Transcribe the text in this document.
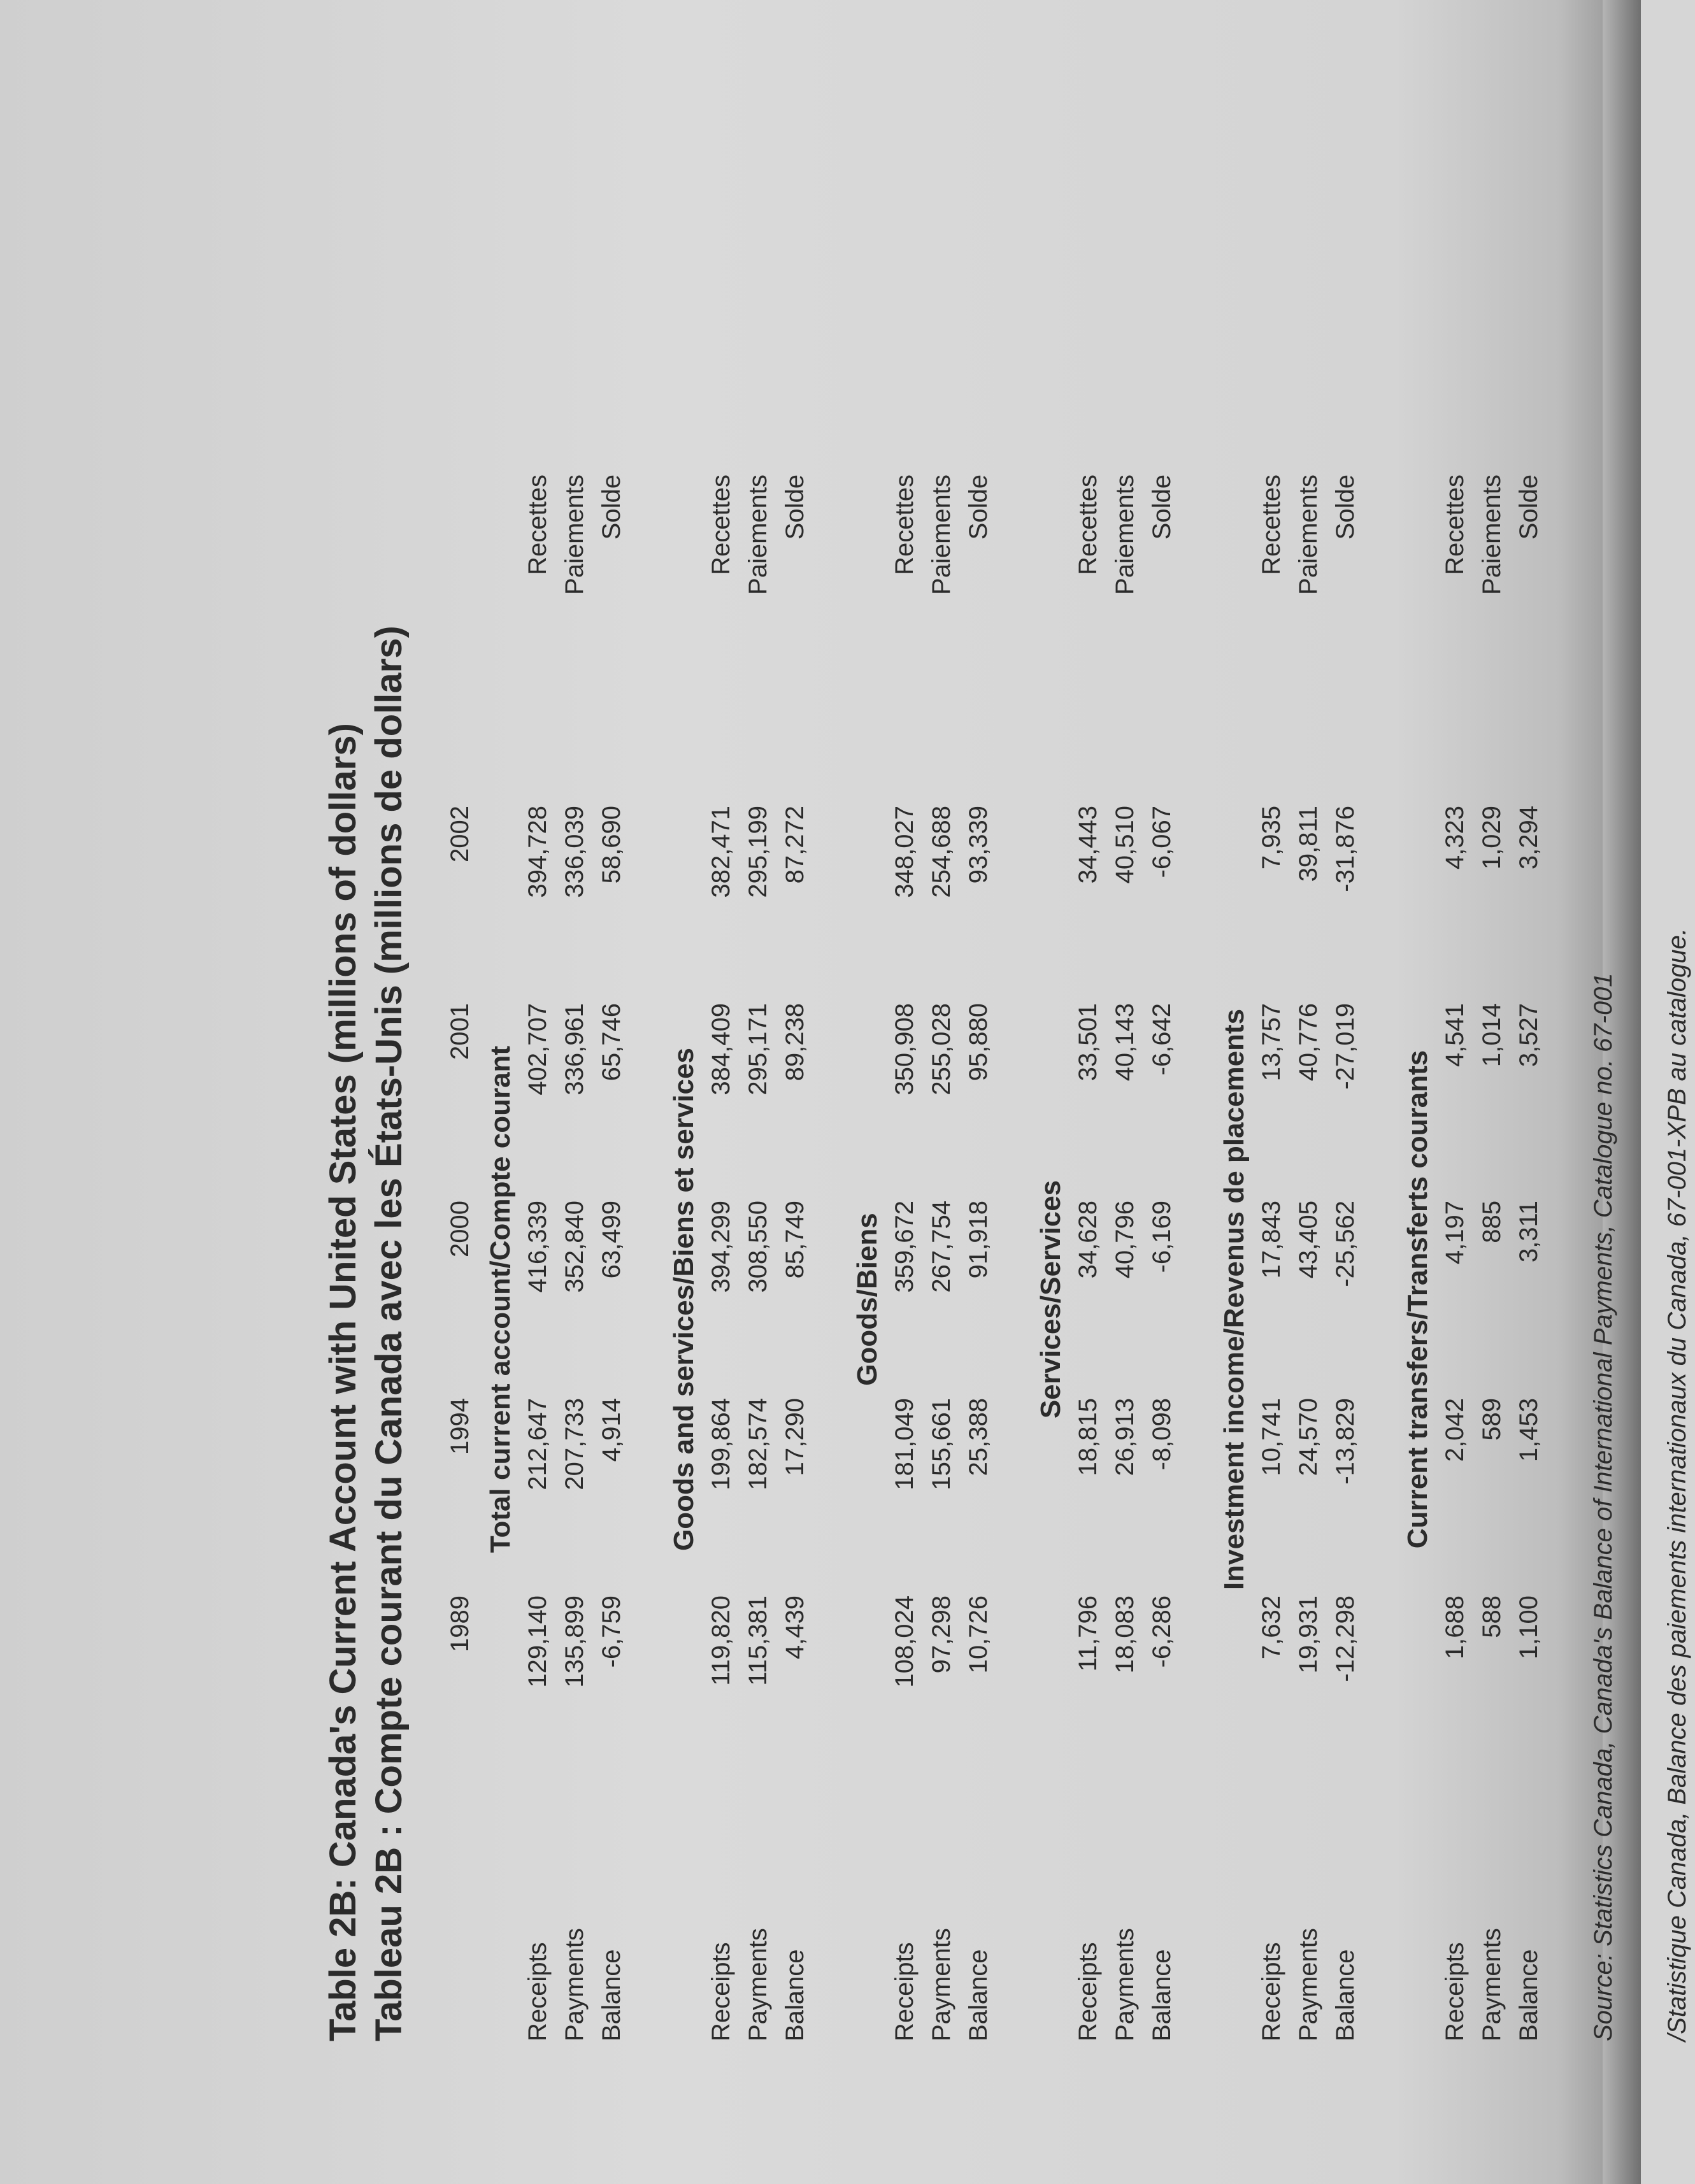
Table 2B: Canada's Current Account with United States (millions of dollars) Tableau 2B : Compte courant du Canada avec les États-Unis (millions de dollars)
	1989	1994	2000	2001	2002	
	Total current account/Compte courant					
Receipts	129,140	212,647	416,339	402,707	394,728	Recettes
Payments	135,899	207,733	352,840	336,961	336,039	Paiements
Balance	-6,759	4,914	63,499	65,746	58,690	Solde

	Goods and services/Biens et services					
Receipts	119,820	199,864	394,299	384,409	382,471	Recettes
Payments	115,381	182,574	308,550	295,171	295,199	Paiements
Balance	4,439	17,290	85,749	89,238	87,272	Solde

	Goods/Biens					
Receipts	108,024	181,049	359,672	350,908	348,027	Recettes
Payments	97,298	155,661	267,754	255,028	254,688	Paiements
Balance	10,726	25,388	91,918	95,880	93,339	Solde

	Services/Services					
Receipts	11,796	18,815	34,628	33,501	34,443	Recettes
Payments	18,083	26,913	40,796	40,143	40,510	Paiements
Balance	-6,286	-8,098	-6,169	-6,642	-6,067	Solde

	Investment income/Revenus de placements					
Receipts	7,632	10,741	17,843	13,757	7,935	Recettes
Payments	19,931	24,570	43,405	40,776	39,811	Paiements
Balance	-12,298	-13,829	-25,562	-27,019	-31,876	Solde

	Current transfers/Transferts courants					
Receipts	1,688	2,042	4,197	4,541	4,323	Recettes
Payments	588	589	885	1,014	1,029	Paiements
Balance	1,100	1,453	3,311	3,527	3,294	Solde
Source: Statistics Canada, Canada's Balance of International Payments, Catalogue no. 67-001 /Statistique Canada, Balance des paiements internationaux du Canada, 67-001-XPB au catalogue.
